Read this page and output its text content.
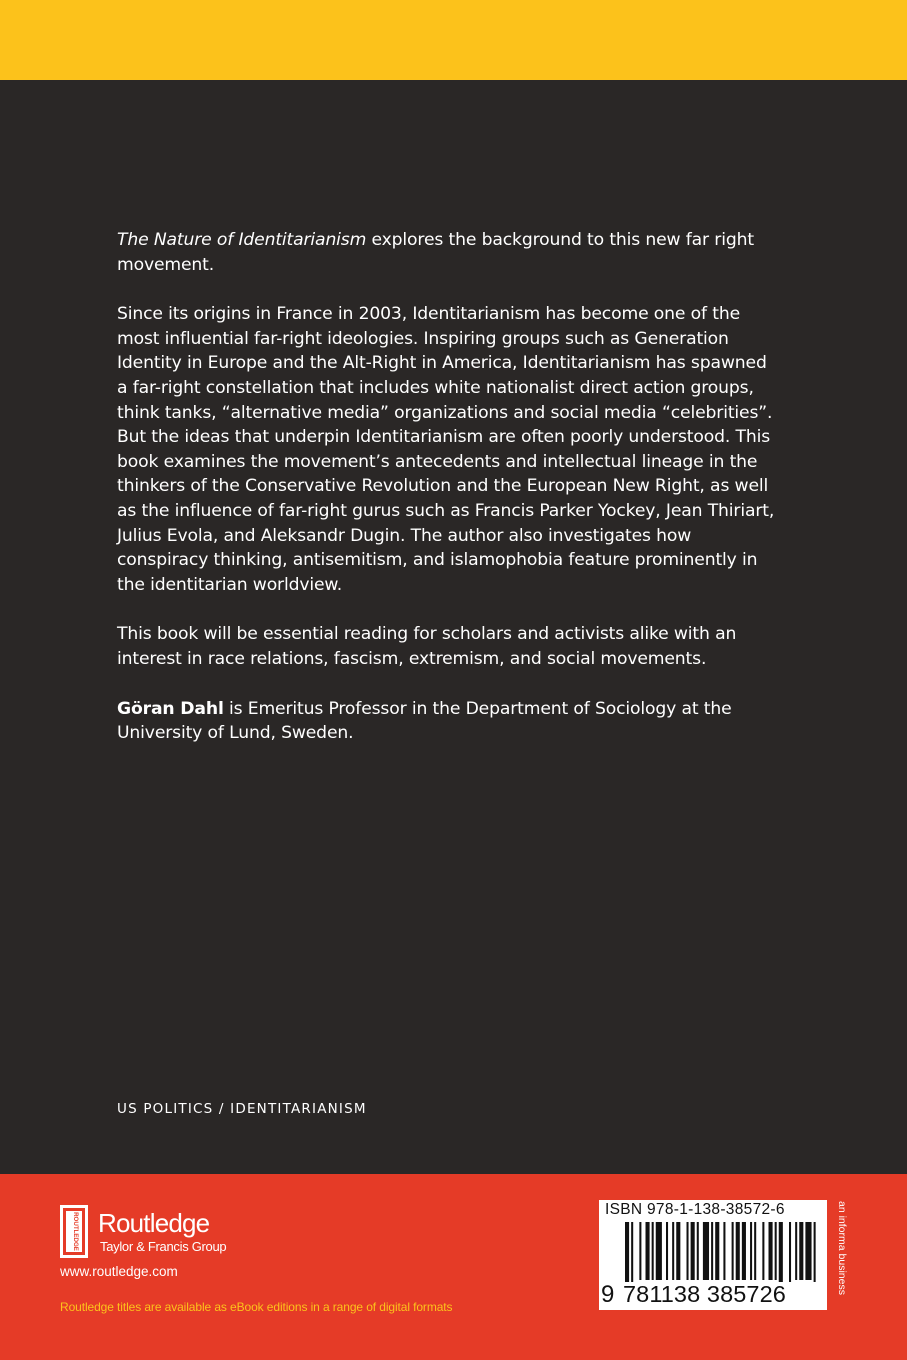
The Nature of Identitarianism explores the background to this new far right movement.

Since its origins in France in 2003, Identitarianism has become one of the most influential far-right ideologies. Inspiring groups such as Generation Identity in Europe and the Alt-Right in America, Identitarianism has spawned a far-right constellation that includes white nationalist direct action groups, think tanks, “alternative media” organizations and social media “celebrities”. But the ideas that underpin Identitarianism are often poorly understood. This book examines the movement’s antecedents and intellectual lineage in the thinkers of the Conservative Revolution and the European New Right, as well as the influence of far-right gurus such as Francis Parker Yockey, Jean Thiriart, Julius Evola, and Aleksandr Dugin. The author also investigates how conspiracy thinking, antisemitism, and islamophobia feature prominently in the identitarian worldview.

This book will be essential reading for scholars and activists alike with an interest in race relations, fascism, extremism, and social movements.

Göran Dahl is Emeritus Professor in the Department of Sociology at the University of Lund, Sweden.

US POLITICS / IDENTITARIANISM
ROUTLEDGE Routledge
Taylor & Francis Group
www.routledge.com
Routledge titles are available as eBook editions in a range of digital formats
ISBN 978-1-138-38572-6
9 781138 385726	an informa business
